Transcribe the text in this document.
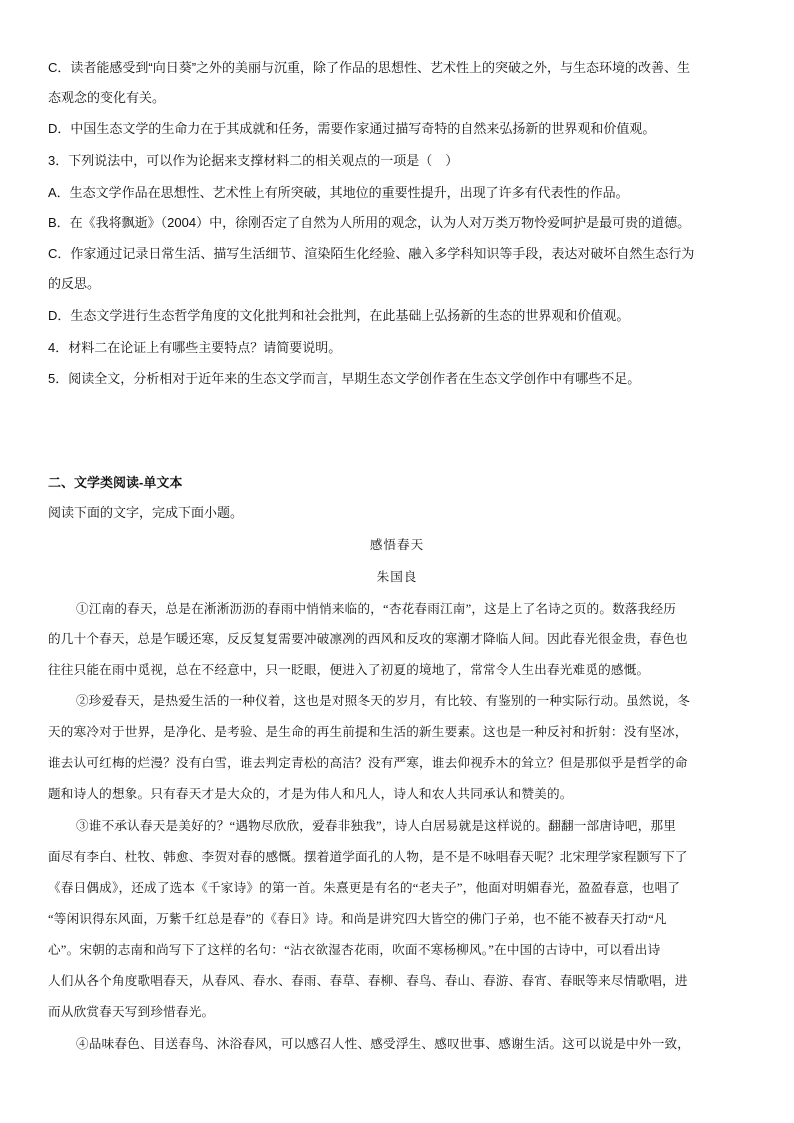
C．读者能感受到“向日葵”之外的美丽与沉重，除了作品的思想性、艺术性上的突破之外，与生态环境的改善、生
态观念的变化有关。
D．中国生态文学的生命力在于其成就和任务，需要作家通过描写奇特的自然来弘扬新的世界观和价值观。
3．下列说法中，可以作为论据来支撑材料二的相关观点的一项是（　）
A．生态文学作品在思想性、艺术性上有所突破，其地位的重要性提升，出现了许多有代表性的作品。
B．在《我将飘逝》（2004）中，徐刚否定了自然为人所用的观念，认为人对万类万物怜爱呵护是最可贵的道德。
C．作家通过记录日常生活、描写生活细节、渲染陌生化经验、融入多学科知识等手段，表达对破坏自然生态行为
的反思。
D．生态文学进行生态哲学角度的文化批判和社会批判，在此基础上弘扬新的生态的世界观和价值观。
4．材料二在论证上有哪些主要特点？请简要说明。
5．阅读全文，分析相对于近年来的生态文学而言，早期生态文学创作者在生态文学创作中有哪些不足。
二、文学类阅读-单文本
阅读下面的文字，完成下面小题。
感悟春天
朱国良
①江南的春天，总是在淅淅沥沥的春雨中悄悄来临的，“杏花春雨江南”，这是上了名诗之页的。数落我经历
的几十个春天，总是乍暖还寒，反反复复需要冲破凛冽的西风和反攻的寒潮才降临人间。因此春光很金贵，春色也
往往只能在雨中觅视，总在不经意中，只一眨眼，便进入了初夏的境地了，常常令人生出春光难觅的感慨。
②珍爱春天，是热爱生活的一种仪着，这也是对照冬天的岁月，有比较、有鉴别的一种实际行动。虽然说，冬
天的寒冷对于世界，是净化、是考验、是生命的再生前提和生活的新生要素。这也是一种反衬和折射：没有坚冰，
谁去认可红梅的烂漫？没有白雪，谁去判定青松的高洁？没有严寒，谁去仰视乔木的耸立？但是那似乎是哲学的命
题和诗人的想象。只有春天才是大众的，才是为伟人和凡人，诗人和农人共同承认和赞美的。
③谁不承认春天是美好的？“遇物尽欣欣，爱春非独我”，诗人白居易就是这样说的。翻翻一部唐诗吧，那里
面尽有李白、杜牧、韩愈、李贺对春的感慨。摆着道学面孔的人物，是不是不咏唱春天呢？北宋理学家程颢写下了
《春日偶成》，还成了选本《千家诗》的第一首。朱熹更是有名的“老夫子”，他面对明媚春光，盈盈春意，也唱了
“等闲识得东风面，万紫千红总是春”的《春日》诗。和尚是讲究四大皆空的佛门子弟，也不能不被春天打动“凡
心”。宋朝的志南和尚写下了这样的名句：“沾衣欲湿杏花雨，吹面不寒杨柳风。”在中国的古诗中，可以看出诗
人们从各个角度歌唱春天，从春风、春水、春雨、春草、春柳、春鸟、春山、春游、春宵、春眠等来尽情歌唱，进
而从欣赏春天写到珍惜春光。
④品味春色、目送春鸟、沐浴春风，可以感召人性、感受浮生、感叹世事、感谢生活。这可以说是中外一致，
